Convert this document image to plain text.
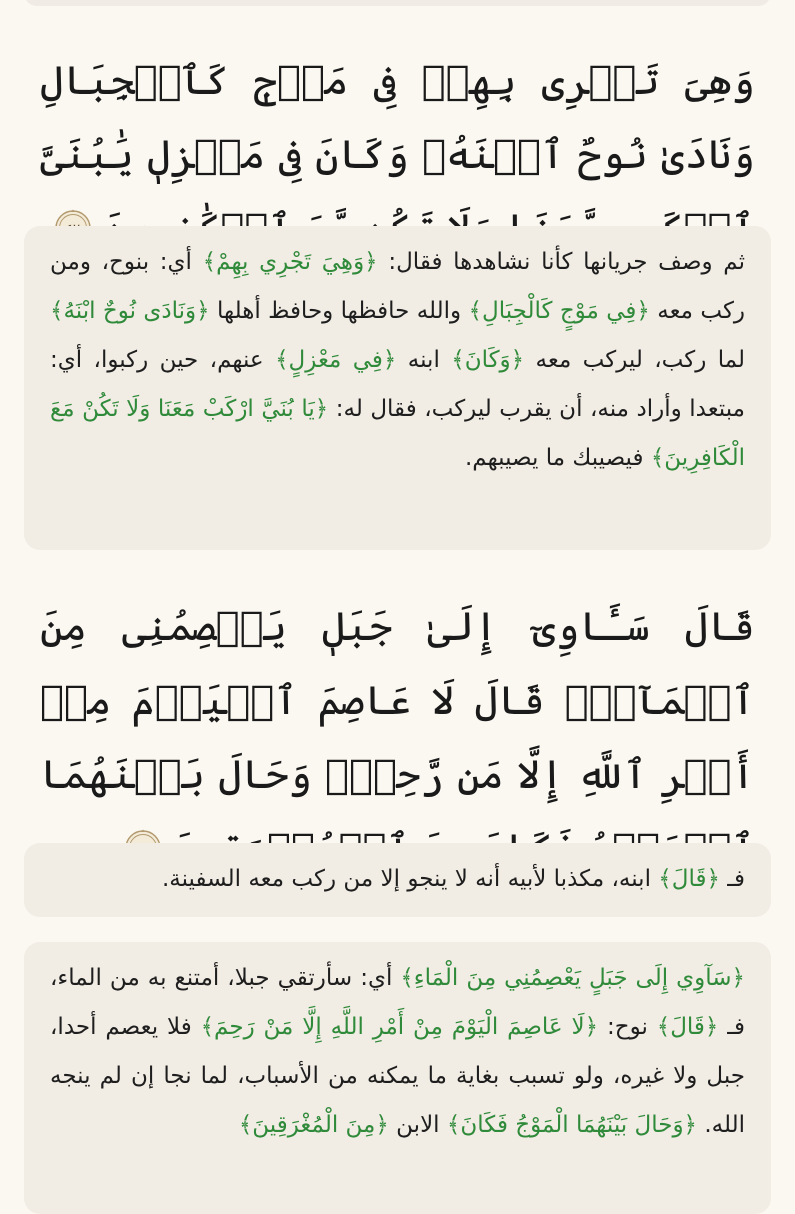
وَهِىَ تَجۡرِى بِهِمۡ فِى مَوۡجٖ كَٱلۡجِبَالِ وَنَادَىٰ نُوحٌ ٱبۡنَهُۥ وَكَانَ فِى مَعۡزِلٖ يَٰبُنَىَّ
ثم وصف جريانها كأنا نشاهدها فقال: ﴿وَهِيَ تَجْرِي بِهِمْ﴾ أي: بنوح، ومن ركب معه ﴿فِي مَوْجٍ كَالْجِبَالِ﴾ والله حافظها وحافظ أهلها ﴿وَنَادَى نُوحٌ ابْنَهُ﴾ لما ركب، ليركب معه ﴿وَكَانَ﴾ ابنه ﴿فِي مَعْزِلٍ﴾ عنهم، حين ركبوا، أي: مبتعدا وأراد منه، أن يقرب ليركب، فقال له: ﴿يَا بُنَيَّ ارْكَبْ مَعَنَا وَلَا تَكُنْ مَعَ الْكَافِرِينَ﴾ فيصيبك ما يصيبهم.
قَالَ سَـَٔاوِىٓ إِلَىٰ جَبَلٖ يَعۡصِمُنِى مِنَ ٱلۡمَآءِۚ قَالَ لَا عَاصِمَ ٱلۡيَوۡمَ مِنۡ أَمۡرِ ٱللَّهِ إِلَّا مَن رَّحِمَۚ وَحَالَ بَيۡنَهُمَا
فـ ﴿قَالَ﴾ ابنه، مكذبا لأبيه أنه لا ينجو إلا من ركب معه السفينة.
﴿سَآوِي إِلَى جَبَلٍ يَعْصِمُنِي مِنَ الْمَاءِ﴾ أي: سأرتقي جبلا، أمتنع به من الماء، فـ ﴿قَالَ﴾ نوح: ﴿لَا عَاصِمَ الْيَوْمَ مِنْ أَمْرِ اللَّهِ إِلَّا مَنْ رَحِمَ﴾ فلا يعصم أحدا، جبل ولا غيره، ولو تسبب بغاية ما يمكنه من الأسباب، لما نجا إن لم ينجه الله. ﴿وَحَالَ بَيْنَهُمَا الْمَوْجُ فَكَانَ﴾ الابن ﴿مِنَ الْمُغْرَقِينَ﴾
